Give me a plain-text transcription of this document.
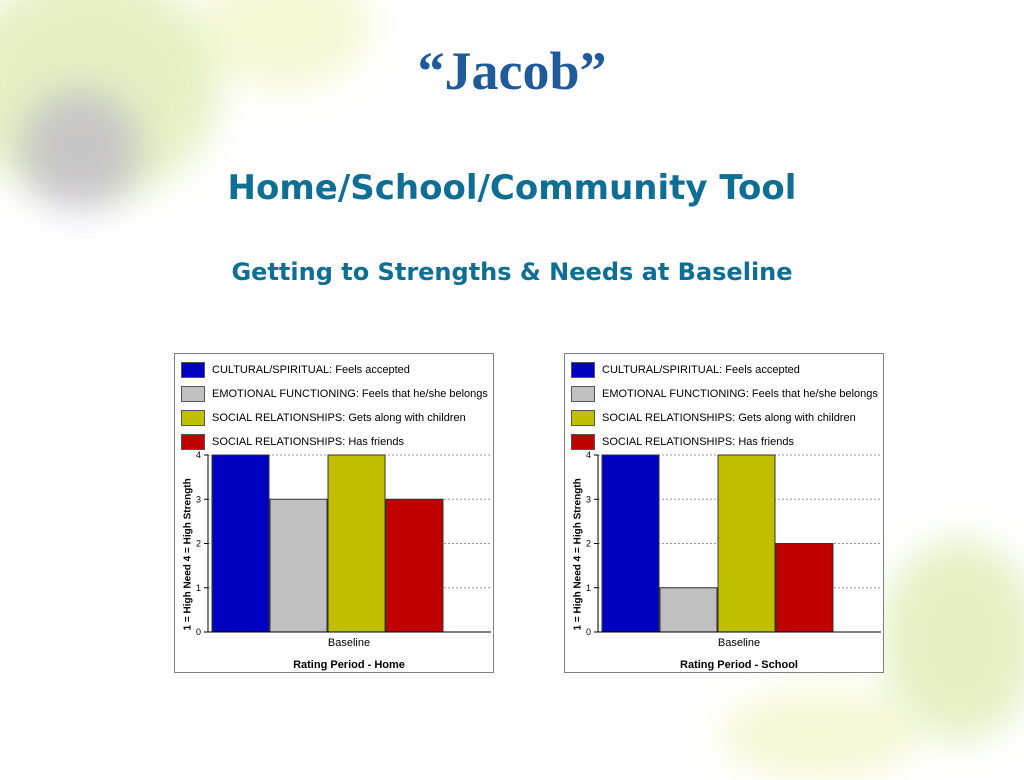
“Jacob”
Home/School/Community Tool
Getting to Strengths & Needs at Baseline
CULTURAL/SPIRITUAL: Feels accepted
EMOTIONAL FUNCTIONING: Feels that he/she belongs
SOCIAL RELATIONSHIPS: Gets along with children
SOCIAL RELATIONSHIPS: Has friends
0
1
2
3
4
Baseline
Rating Period - Home
1 = High Need 4 = High Strength
CULTURAL/SPIRITUAL: Feels accepted
EMOTIONAL FUNCTIONING: Feels that he/she belongs
SOCIAL RELATIONSHIPS: Gets along with children
SOCIAL RELATIONSHIPS: Has friends
0
1
2
3
4
Baseline
Rating Period - School
1 = High Need 4 = High Strength
